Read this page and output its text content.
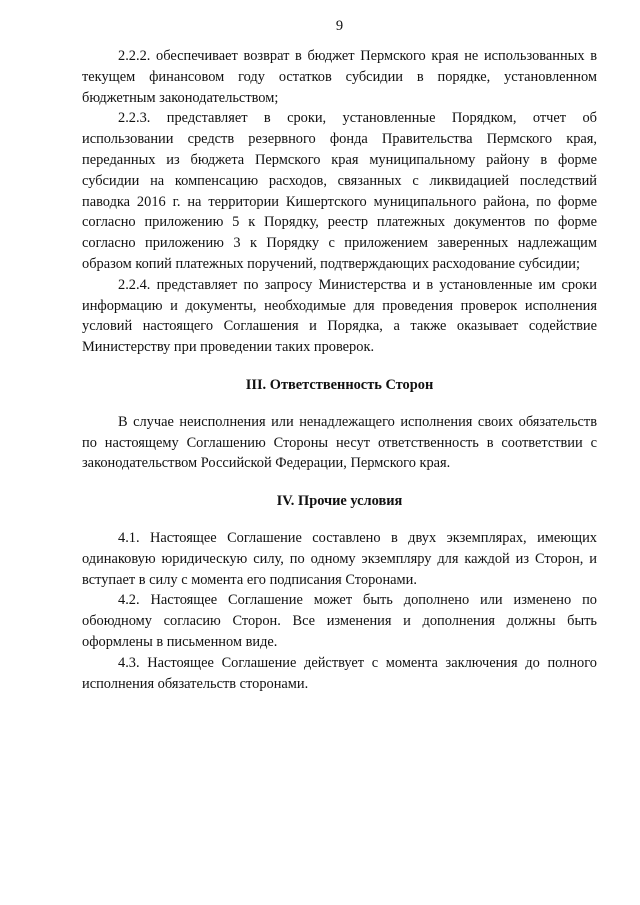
9

2.2.2. обеспечивает возврат в бюджет Пермского края не использованных в текущем финансовом году остатков субсидии в порядке, установленном бюджетным законодательством;

2.2.3. представляет в сроки, установленные Порядком, отчет об использовании средств резервного фонда Правительства Пермского края, переданных из бюджета Пермского края муниципальному району в форме субсидии на компенсацию расходов, связанных с ликвидацией последствий паводка 2016 г. на территории Кишертского муниципального района, по форме согласно приложению 5 к Порядку, реестр платежных документов по форме согласно приложению 3 к Порядку с приложением заверенных надлежащим образом копий платежных поручений, подтверждающих расходование субсидии;

2.2.4. представляет по запросу Министерства и в установленные им сроки информацию и документы, необходимые для проведения проверок исполнения условий настоящего Соглашения и Порядка, а также оказывает содействие Министерству при проведении таких проверок.

III. Ответственность Сторон

В случае неисполнения или ненадлежащего исполнения своих обязательств по настоящему Соглашению Стороны несут ответственность в соответствии с законодательством Российской Федерации, Пермского края.

IV. Прочие условия

4.1. Настоящее Соглашение составлено в двух экземплярах, имеющих одинаковую юридическую силу, по одному экземпляру для каждой из Сторон, и вступает в силу с момента его подписания Сторонами.

4.2. Настоящее Соглашение может быть дополнено или изменено по обоюдному согласию Сторон. Все изменения и дополнения должны быть оформлены в письменном виде.

4.3. Настоящее Соглашение действует с момента заключения до полного исполнения обязательств сторонами.
